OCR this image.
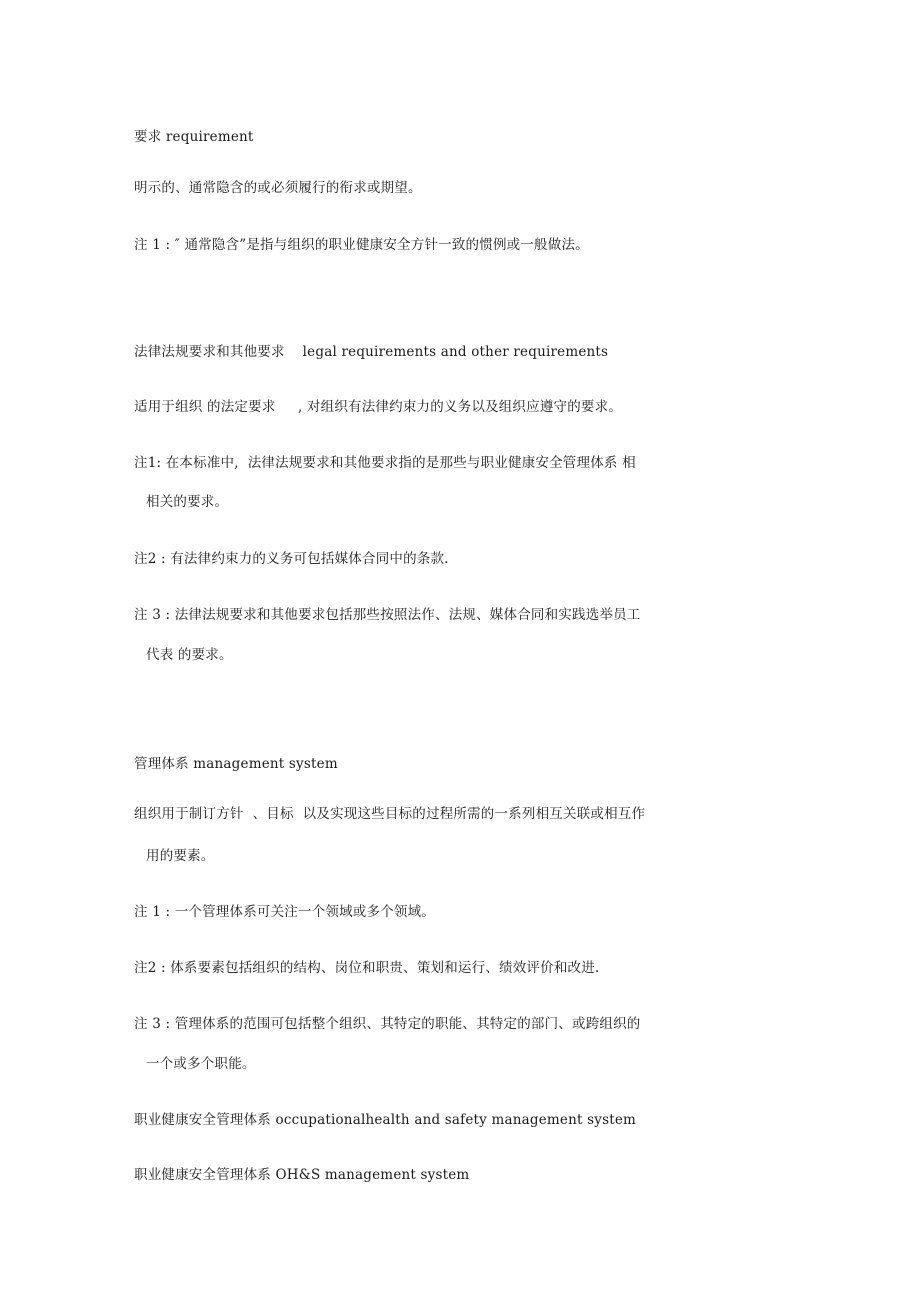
要求 requirement
明示的、通常隐含的或必须履行的衔求或期望。
注 1 : ″ 通常隐含”是指与组织的职业健康安全方针一致的惯例或一般做法。
法律法规要求和其他要求    legal requirements and other requirements
适用于组织 的法定要求     , 对组织有法律约束力的义务以及组织应遵守的要求。
注1: 在本标准中,  法律法规要求和其他要求指的是那些与职业健康安全管理体系 相
相关的要求。
注2 : 有法律约束力的义务可包括媒体合同中的条款.
注 3 : 法律法规要求和其他要求包括那些按照法作、法规、媒体合同和实践选举员工
代表 的要求。
管理体系 management system
组织用于制订方针  、目标  以及实现这些目标的过程所需的一系列相互关联或相互作
用的要素。
注 1 : 一个管理体系可关注一个领域或多个领域。
注2 : 体系要素包括组织的结构、岗位和职贵、策划和运行、绩效评价和改进.
注 3 : 管理体系的范围可包括整个组织、其特定的职能、其特定的部门、或跨组织的
一个或多个职能。
职业健康安全管理体系 occupationalhealth and safety management system
职业健康安全管理体系 OH&S management system
